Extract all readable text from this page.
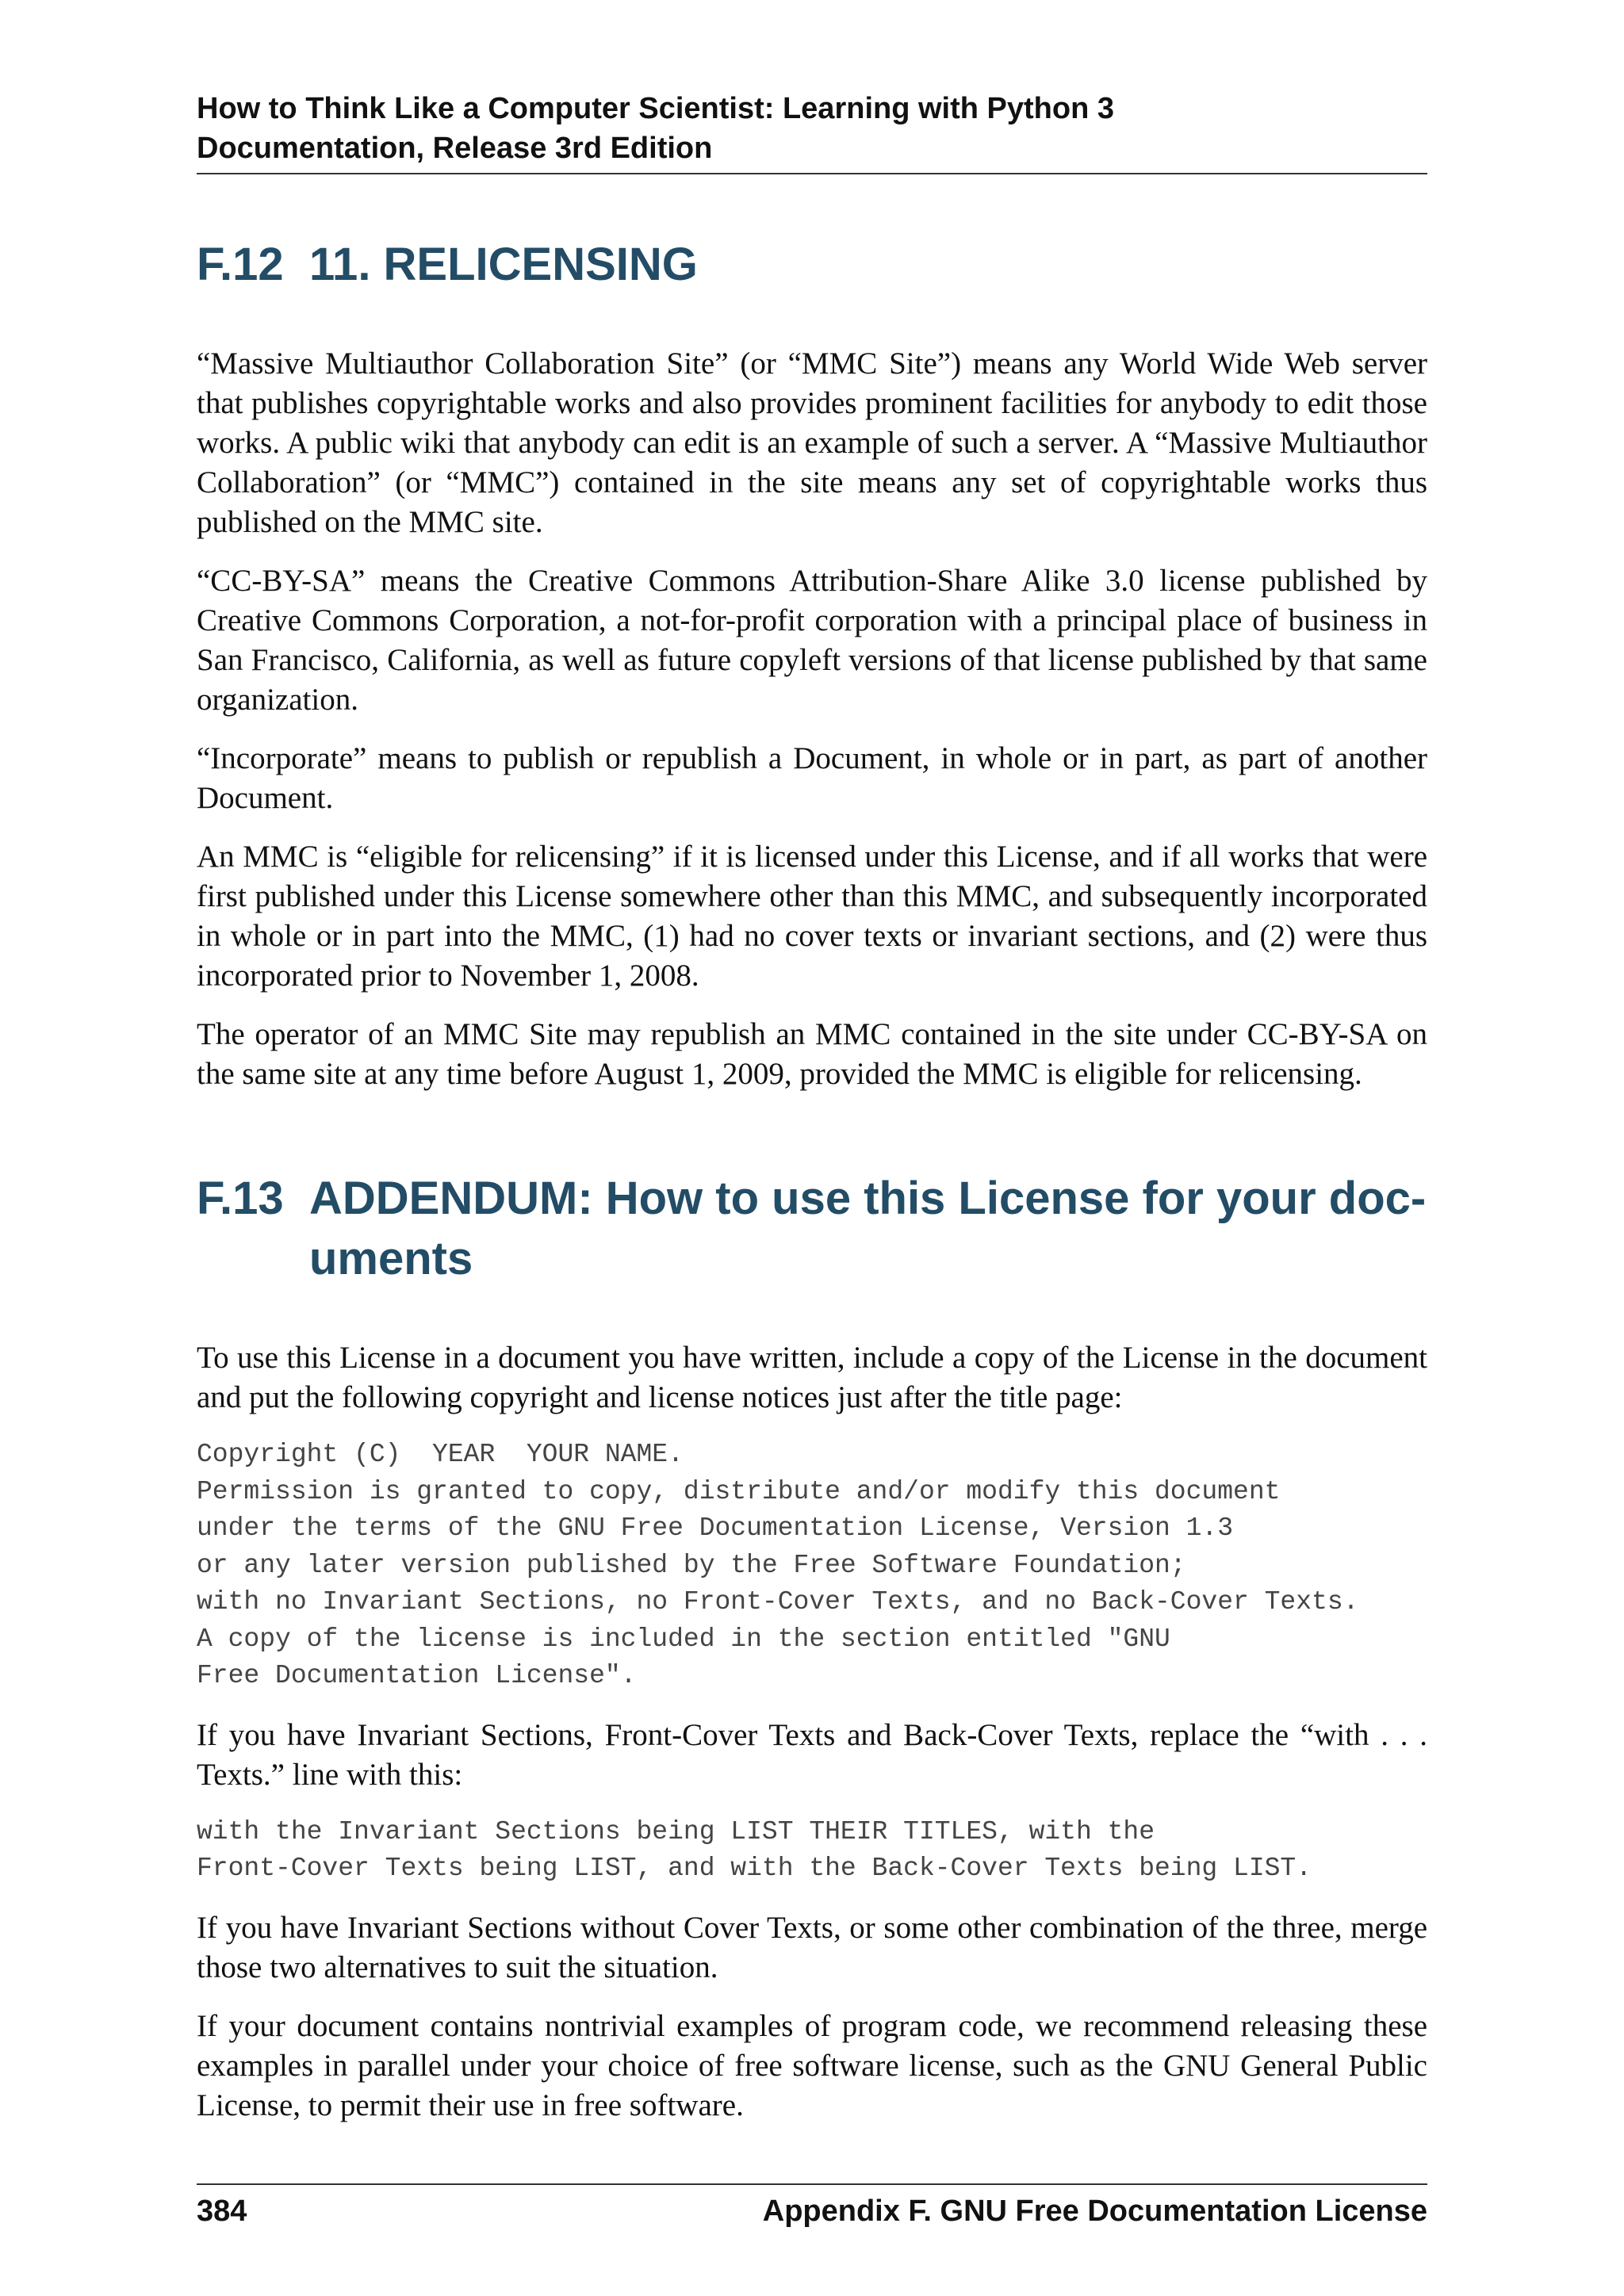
How to Think Like a Computer Scientist: Learning with Python 3
Documentation, Release 3rd Edition
F.12 11. RELICENSING

“Massive Multiauthor Collaboration Site” (or “MMC Site”) means any World Wide Web server that publishes copyrightable works and also provides prominent facilities for anybody to edit those works. A public wiki that anybody can edit is an example of such a server. A “Massive Multiauthor Collaboration” (or “MMC”) contained in the site means any set of copyrightable works thus published on the MMC site.

“CC-BY-SA” means the Creative Commons Attribution-Share Alike 3.0 license published by Creative Commons Corporation, a not-for-profit corporation with a principal place of business in San Francisco, California, as well as future copyleft versions of that license published by that same organization.

“Incorporate” means to publish or republish a Document, in whole or in part, as part of another Document.

An MMC is “eligible for relicensing” if it is licensed under this License, and if all works that were first published under this License somewhere other than this MMC, and subsequently incorporated in whole or in part into the MMC, (1) had no cover texts or invariant sections, and (2) were thus incorporated prior to November 1, 2008.

The operator of an MMC Site may republish an MMC contained in the site under CC-BY-SA on the same site at any time before August 1, 2009, provided the MMC is eligible for relicensing.

F.13 ADDENDUM: How to use this License for your doc-
uments

To use this License in a document you have written, include a copy of the License in the document and put the following copyright and license notices just after the title page:

Copyright (C)  YEAR  YOUR NAME.
Permission is granted to copy, distribute and/or modify this document
under the terms of the GNU Free Documentation License, Version 1.3
or any later version published by the Free Software Foundation;
with no Invariant Sections, no Front-Cover Texts, and no Back-Cover Texts.
A copy of the license is included in the section entitled "GNU
Free Documentation License".

If you have Invariant Sections, Front-Cover Texts and Back-Cover Texts, replace the “with . . . Texts.” line with this:

with the Invariant Sections being LIST THEIR TITLES, with the
Front-Cover Texts being LIST, and with the Back-Cover Texts being LIST.

If you have Invariant Sections without Cover Texts, or some other combination of the three, merge those two alternatives to suit the situation.

If your document contains nontrivial examples of program code, we recommend releasing these examples in parallel under your choice of free software license, such as the GNU General Public License, to permit their use in free software.

384	Appendix F. GNU Free Documentation License
